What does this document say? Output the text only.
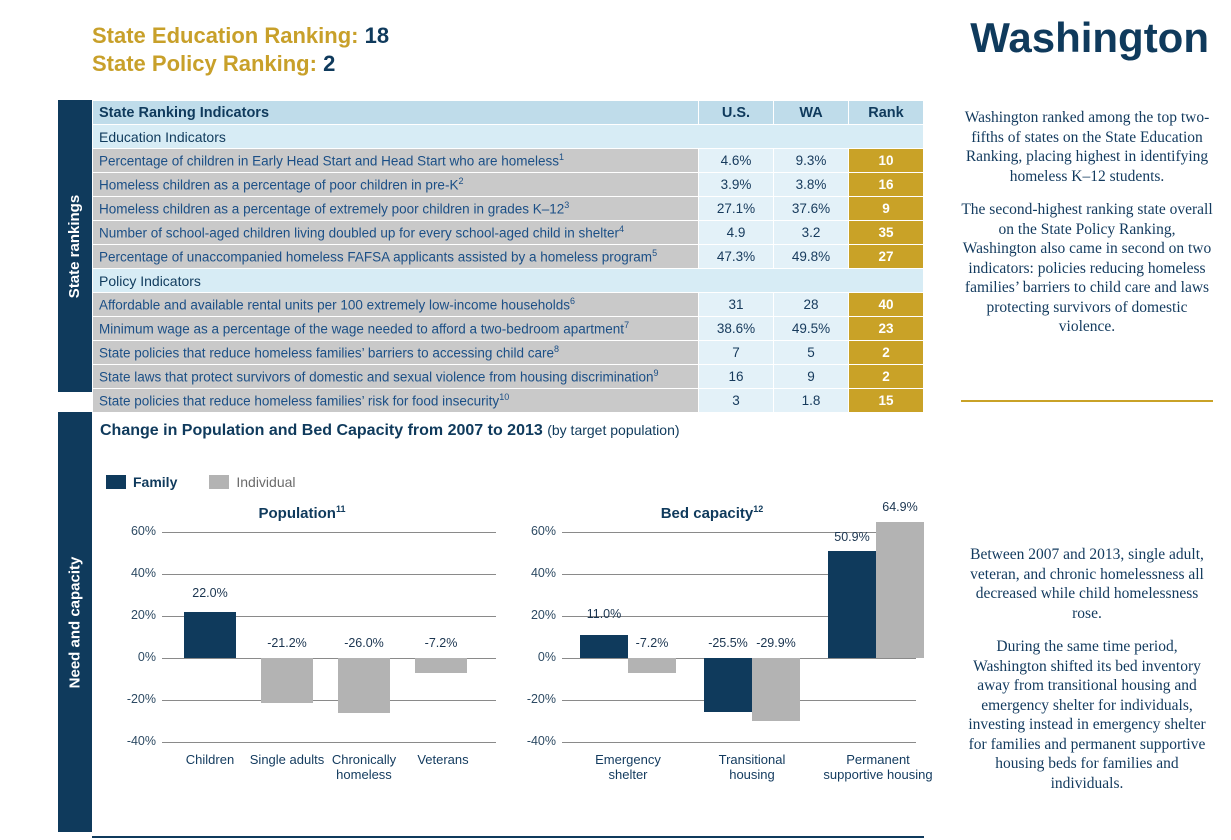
State Education Ranking: 18
State Policy Ranking: 2
Washington
State rankings
Need and capacity
State Ranking Indicators	U.S.	WA	Rank
Education Indicators			
Percentage of children in Early Head Start and Head Start who are homeless$^1$	4.6%	9.3%	10
Homeless children as a percentage of poor children in pre-$K^2$	3.9%	3.8%	16
Homeless children as a percentage of extremely poor children in grades $K-12^3$	27.1%	37.6%	9
Number of school-aged children living doubled up for every school-aged child in shelter$^4$	4.9	3.2	35
Percentage of unaccompanied homeless FAFSA applicants assisted by a homeless program$^5$	47.3%	49.8%	27
Policy Indicators			
Affordable and available rental units per 100 extremely low-income households$^6$	31	28	40
Minimum wage as a percentage of the wage needed to afford a two-bedroom apartment$^7$	38.6%	49.5%	23
State policies that reduce homeless families’ barriers to accessing child care$^8$	7	5	2
State laws that protect survivors of domestic and sexual violence from housing discrimination$^9$	16	9	2
State policies that reduce homeless families’ risk for food insecurity$^{10}$	3	1.8	15

Washington ranked among the top two-fifths of states on the State Education Ranking, placing highest in identifying homeless K–12 students.

The second-highest ranking state overall on the State Policy Ranking, Washington also came in second on two indicators: policies reducing homeless families’ barriers to child care and laws protecting survivors of domestic violence.

Between 2007 and 2013, single adult, veteran, and chronic homelessness all decreased while child homelessness rose.

During the same time period, Washington shifted its bed inventory away from transitional housing and emergency shelter for individuals, investing instead in emergency shelter for families and permanent supportive housing beds for families and individuals.

Change in Population and Bed Capacity from 2007 to 2013 (by target population)
Family	Individual
Population$^{11}$
60%
40%
20%
0%
-20%
-40%
22.0%
-21.2%	-26.0%	-7.2%
Children	Single adults Chronically homeless
Veterans
Bed capacity$^{12}$
60%
40%
20%
0%
-20%
-40%
11.0%
-7.2%	-25.5% -29.9%
50.9%
64.9%
Emergency shelter
Transitional housing
Permanent supportive housing
